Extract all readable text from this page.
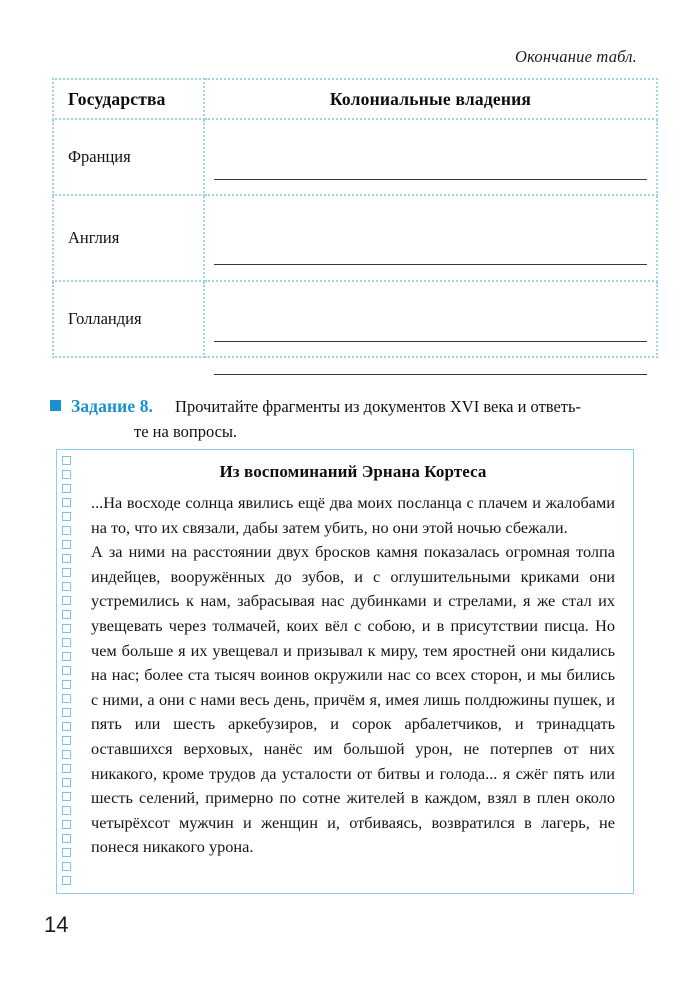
Окончание табл.
Государства	Колониальные владения
Франция	

Англия	

Голландия	
Задание 8. Прочитайте фрагменты из документов XVI века и ответь-
те на вопросы.
Из воспоминаний Эрнана Кортеса

...На восходе солнца явились ещё два моих посланца с плачем и жалобами на то, что их связали, дабы затем убить, но они этой ночью сбежали.

А за ними на расстоянии двух бросков камня показалась огромная толпа индейцев, вооружённых до зубов, и с оглушительными криками они устремились к нам, забрасывая нас дубинками и стрелами, я же стал их увещевать через толмачей, коих вёл с собою, и в присутствии писца. Но чем больше я их увещевал и призывал к миру, тем яростней они кидались на нас; более ста тысяч воинов окружили нас со всех сторон, и мы бились с ними, а они с нами весь день, причём я, имея лишь полдюжины пушек, и пять или шесть аркебузиров, и сорок арбалетчиков, и тринадцать оставшихся верховых, нанёс им большой урон, не потерпев от них никакого, кроме трудов да усталости от битвы и голода... я сжёг пять или шесть селений, примерно по сотне жителей в каждом, взял в плен около четырёхсот мужчин и женщин и, отбиваясь, возвратился в лагерь, не понеся никакого урона.

14
